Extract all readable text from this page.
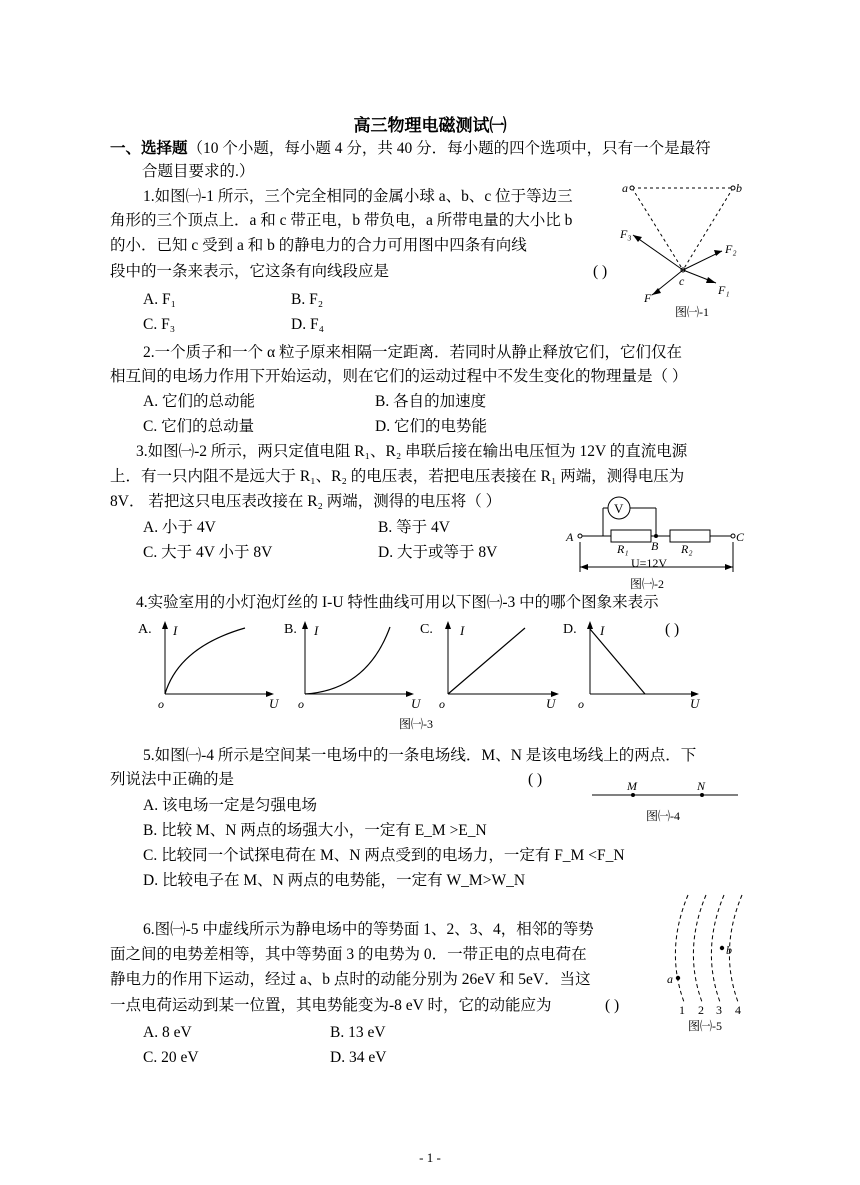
高三物理电磁测试㈠
一、选择题（10 个小题，每小题 4 分，共 40 分．每小题的四个选项中，只有一个是最符
合题目要求的.）
1.如图㈠-1 所示，三个完全相同的金属小球 a、b、c 位于等边三
角形的三个顶点上．a 和 c 带正电，b 带负电，a 所带电量的大小比 b
的小．已知 c 受到 a 和 b 的静电力的合力可用图中四条有向线
段中的一条来表示，它这条有向线段应是	( )
A. F₁	B. F₂
C. F₃	D. F₄
a	b
c
F₃
F₂
F₁
F
图㈠-1
2.一个质子和一个 α 粒子原来相隔一定距离．若同时从静止释放它们，它们仅在
相互间的电场力作用下开始运动，则在它们的运动过程中不发生变化的物理量是（ ）
A. 它们的总动能	B. 各自的加速度
C. 它们的总动量	D. 它们的电势能
3.如图㈠-2 所示，两只定值电阻 R₁、R₂ 串联后接在输出电压恒为 12V 的直流电源
上．有一只内阻不是远大于 R₁、R₂ 的电压表，若把电压表接在 R₁ 两端，测得电压为
8V． 若把这只电压表改接在 R₂ 两端，测得的电压将（ ）
A. 小于 4V	B. 等于 4V
C. 大于 4V 小于 8V	D. 大于或等于 8V
V
A
B
C
R₁	R₂
U=12V
图㈠-2
4.实验室用的小灯泡灯丝的 I-U 特性曲线可用以下图㈠-3 中的哪个图象来表示
( )
A. I
U
o
B. I
U
o
C. I
U
o
D. I
U
o
图㈠-3
5.如图㈠-4 所示是空间某一电场中的一条电场线．M、N 是该电场线上的两点．下
列说法中正确的是	( )
A. 该电场一定是匀强电场
B. 比较 M、N 两点的场强大小，一定有 E_M >E_N
C. 比较同一个试探电荷在 M、N 两点受到的电场力，一定有 F_M <F_N
D. 比较电子在 M、N 两点的电势能，一定有 W_M>W_N
M	N
图㈠-4
6.图㈠-5 中虚线所示为静电场中的等势面 1、2、3、4，相邻的等势
面之间的电势差相等，其中等势面 3 的电势为 0．一带正电的点电荷在
静电力的作用下运动，经过 a、b 点时的动能分别为 26eV 和 5eV．当这
一点电荷运动到某一位置，其电势能变为-8 eV 时，它的动能应为	( )
A. 8 eV	B. 13 eV
C. 20 eV	D. 34 eV
a
b
1 2 3 4
图㈠-5
- 1 -
